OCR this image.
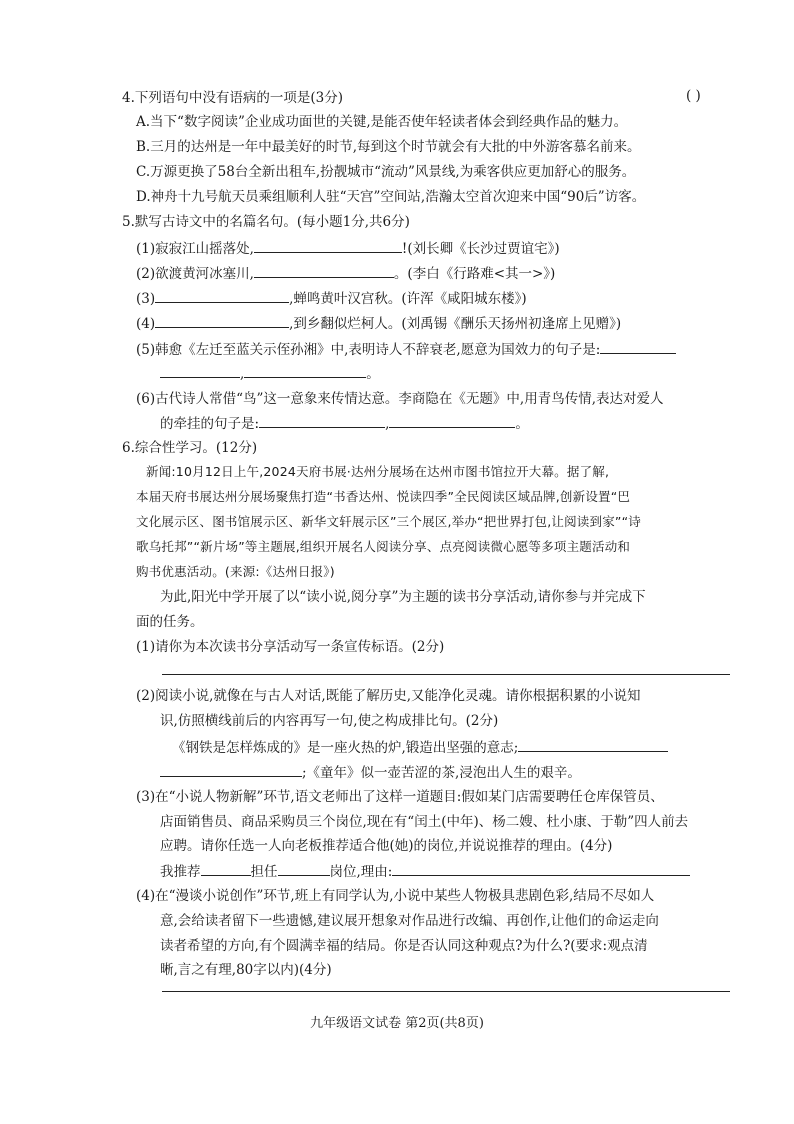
4.下列语句中没有语病的一项是(3分)	( )
A.当下“数字阅读”企业成功面世的关键,是能否使年轻读者体会到经典作品的魅力。
B.三月的达州是一年中最美好的时节,每到这个时节就会有大批的中外游客慕名前来。
C.万源更换了58台全新出租车,扮靓城市“流动”风景线,为乘客供应更加舒心的服务。
D.神舟十九号航天员乘组顺利人驻“天宫”空间站,浩瀚太空首次迎来中国“90后”访客。
5.默写古诗文中的名篇名句。(每小题1分,共6分)
(1)寂寂江山摇落处,	!(刘长卿《长沙过贾谊宅》)
(2)欲渡黄河冰塞川,	。(李白《行路难<其一>》)
(3)	,蝉鸣黄叶汉宫秋。(许浑《咸阳城东楼》)
(4)	,到乡翻似烂柯人。(刘禹锡《酬乐天扬州初逢席上见赠》)
(5)韩愈《左迁至蓝关示侄孙湘》中,表明诗人不辞衰老,愿意为国效力的句子是:
,	。
(6)古代诗人常借“鸟”这一意象来传情达意。李商隐在《无题》中,用青鸟传情,表达对爱人
的牵挂的句子是:	,	。
6.综合性学习。(12分)
新闻:10月12日上午,2024天府书展·达州分展场在达州市图书馆拉开大幕。据了解,
本届天府书展达州分展场聚焦打造“书香达州、悦读四季”全民阅读区域品牌,创新设置“巴
文化展示区、图书馆展示区、新华文轩展示区”三个展区,举办“把世界打包,让阅读到家”“诗
歌乌托邦”“新片场”等主题展,组织开展名人阅读分享、点亮阅读微心愿等多项主题活动和
购书优惠活动。(来源:《达州日报》)
为此,阳光中学开展了以“读小说,阅分享”为主题的读书分享活动,请你参与并完成下
面的任务。
(1)请你为本次读书分享活动写一条宣传标语。(2分)
(2)阅读小说,就像在与古人对话,既能了解历史,又能净化灵魂。请你根据积累的小说知
识,仿照横线前后的内容再写一句,使之构成排比句。(2分)
《钢铁是怎样炼成的》是一座火热的炉,锻造出坚强的意志;
;《童年》似一壶苦涩的茶,浸泡出人生的艰辛。
(3)在“小说人物新解”环节,语文老师出了这样一道题目:假如某门店需要聘任仓库保管员、
店面销售员、商品采购员三个岗位,现在有“闰土(中年)、杨二嫂、杜小康、于勒”四人前去
应聘。请你任选一人向老板推荐适合他(她)的岗位,并说说推荐的理由。(4分)
我推荐	担任	岗位,理由:
(4)在“漫谈小说创作”环节,班上有同学认为,小说中某些人物极具悲剧色彩,结局不尽如人
意,会给读者留下一些遗憾,建议展开想象对作品进行改编、再创作,让他们的命运走向
读者希望的方向,有个圆满幸福的结局。你是否认同这种观点?为什么?(要求:观点清
晰,言之有理,80字以内)(4分)
九年级语文试卷 第2页(共8页)
